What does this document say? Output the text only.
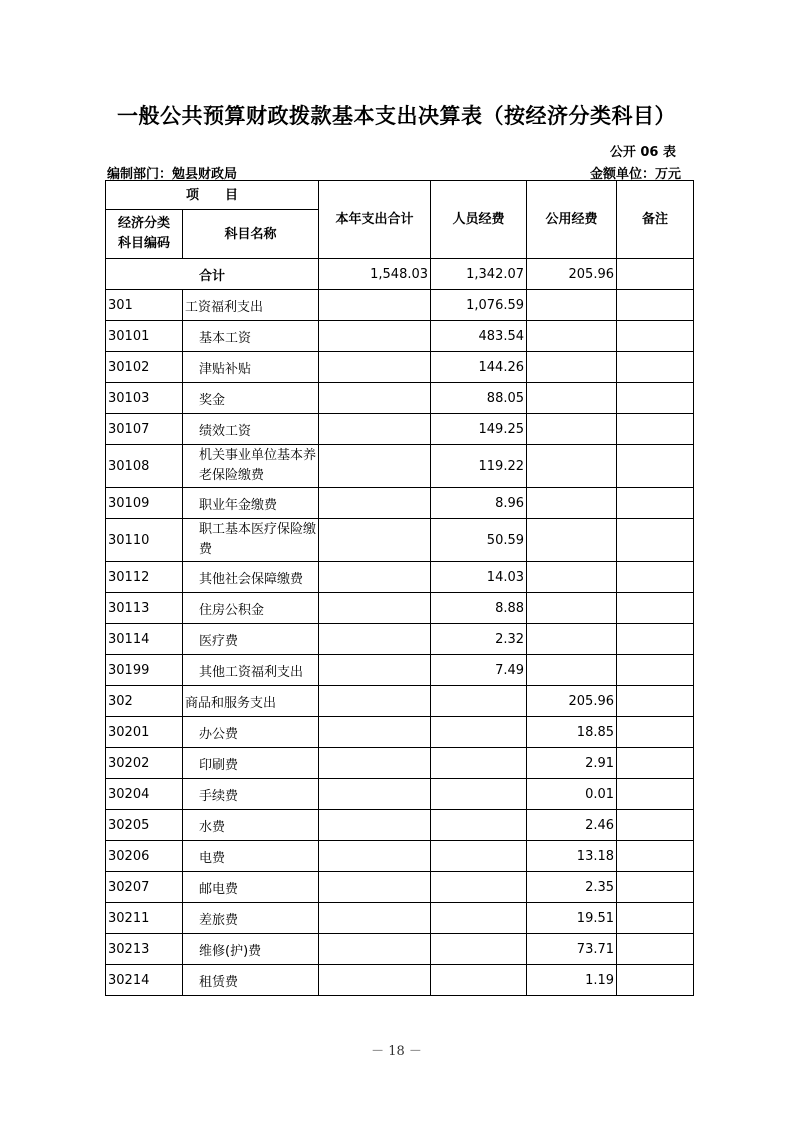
一般公共预算财政拨款基本支出决算表（按经济分类科目）
公开 06 表
编制部门：勉县财政局	金额单位：万元
项　　目		本年支出合计	人员经费	公用经费	备注
经济分类科目编码	科目名称				
合计		1,548.03	1,342.07	205.96	
301	工资福利支出		1,076.59		
30101	基本工资		483.54		
30102	津贴补贴		144.26		
30103	奖金		88.05		
30107	绩效工资		149.25		
30108	机关事业单位基本养老保险缴费		119.22		
30109	职业年金缴费		8.96		
30110	职工基本医疗保险缴费		50.59		
30112	其他社会保障缴费		14.03		
30113	住房公积金		8.88		
30114	医疗费		2.32		
30199	其他工资福利支出		7.49		
302	商品和服务支出			205.96	
30201	办公费			18.85	
30202	印刷费			2.91	
30204	手续费			0.01	
30205	水费			2.46	
30206	电费			13.18	
30207	邮电费			2.35	
30211	差旅费			19.51	
30213	维修(护)费			73.71	
30214	租赁费			1.19	
－ 18 －
